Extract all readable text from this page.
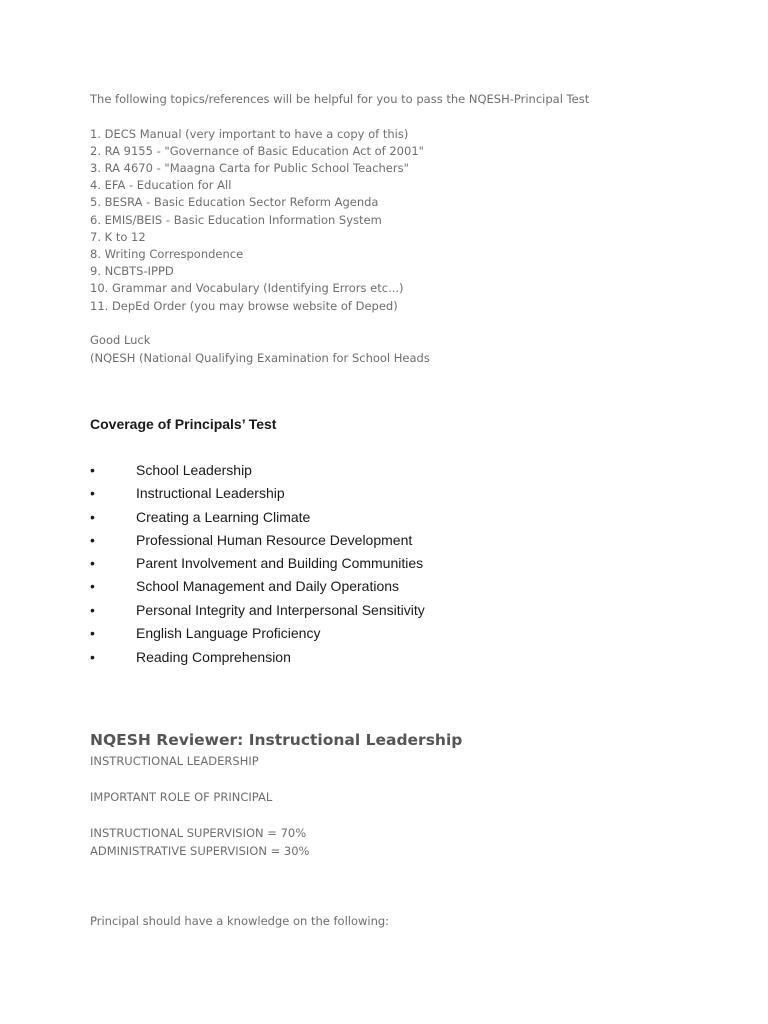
The following topics/references will be helpful for you to pass the NQESH-Principal Test
1. DECS Manual (very important to have a copy of this)
2. RA 9155 - "Governance of Basic Education Act of 2001"
3. RA 4670 - "Maagna Carta for Public School Teachers"
4. EFA - Education for All
5. BESRA - Basic Education Sector Reform Agenda
6. EMIS/BEIS - Basic Education Information System
7. K to 12
8. Writing Correspondence
9. NCBTS-IPPD
10. Grammar and Vocabulary (Identifying Errors etc...)
11. DepEd Order (you may browse website of Deped)
Good Luck
(NQESH (National Qualifying Examination for School Heads
Coverage of Principals’ Test
•	School Leadership
•	Instructional Leadership
•	Creating a Learning Climate
•	Professional Human Resource Development
•	Parent Involvement and Building Communities
•	School Management and Daily Operations
•	Personal Integrity and Interpersonal Sensitivity
•	English Language Proficiency
•	Reading Comprehension
NQESH Reviewer: Instructional Leadership
INSTRUCTIONAL LEADERSHIP
IMPORTANT ROLE OF PRINCIPAL
INSTRUCTIONAL SUPERVISION = 70%
ADMINISTRATIVE SUPERVISION = 30%
Principal should have a knowledge on the following:
